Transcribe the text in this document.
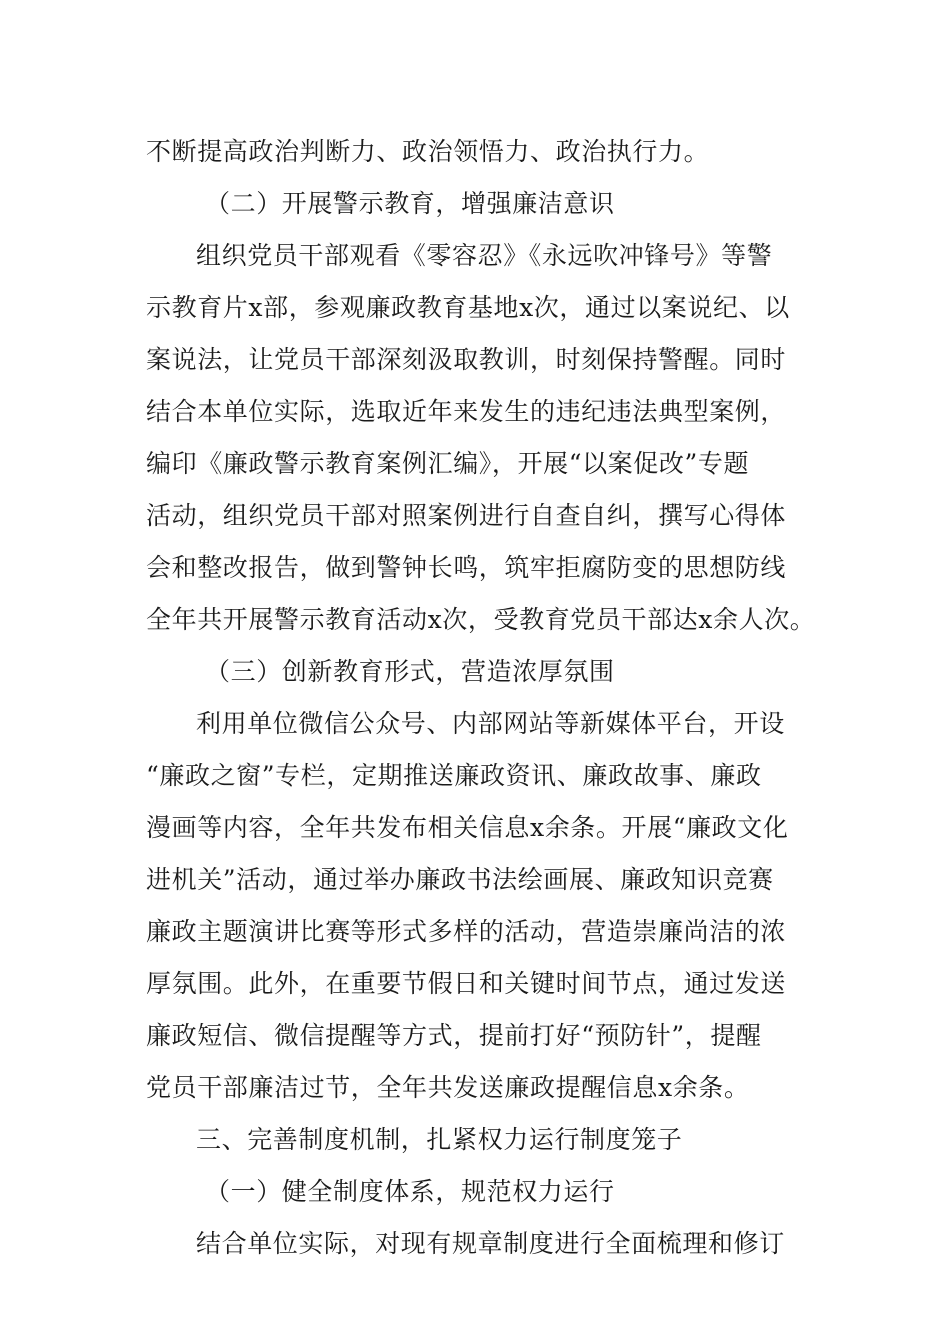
不断提高政治判断力、政治领悟力、政治执行力。
（二）开展警示教育，增强廉洁意识
组织党员干部观看《零容忍》《永远吹冲锋号》等警
示教育片x部，参观廉政教育基地x次，通过以案说纪、以
案说法，让党员干部深刻汲取教训，时刻保持警醒。同时
结合本单位实际，选取近年来发生的违纪违法典型案例，
编印《廉政警示教育案例汇编》，开展“以案促改”专题
活动，组织党员干部对照案例进行自查自纠，撰写心得体
会和整改报告，做到警钟长鸣，筑牢拒腐防变的思想防线
全年共开展警示教育活动x次，受教育党员干部达x余人次。
（三）创新教育形式，营造浓厚氛围
利用单位微信公众号、内部网站等新媒体平台，开设
“廉政之窗”专栏，定期推送廉政资讯、廉政故事、廉政
漫画等内容，全年共发布相关信息x余条。开展“廉政文化
进机关”活动，通过举办廉政书法绘画展、廉政知识竞赛
廉政主题演讲比赛等形式多样的活动，营造崇廉尚洁的浓
厚氛围。此外，在重要节假日和关键时间节点，通过发送
廉政短信、微信提醒等方式，提前打好“预防针”，提醒
党员干部廉洁过节，全年共发送廉政提醒信息x余条。
三、完善制度机制，扎紧权力运行制度笼子
（一）健全制度体系，规范权力运行
结合单位实际，对现有规章制度进行全面梳理和修订
